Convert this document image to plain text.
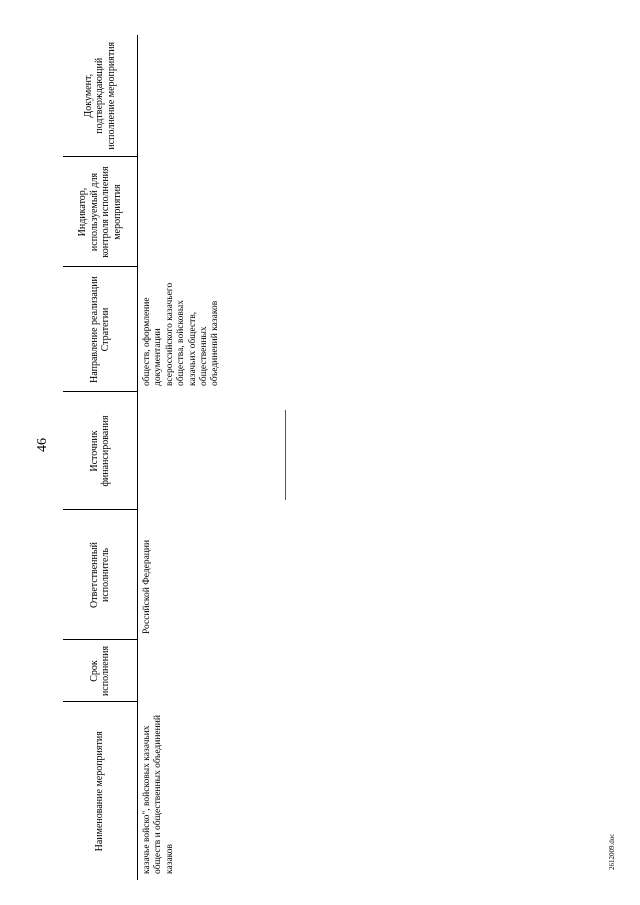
46
Наименование мероприятия	Срок исполнения	Ответственный исполнитель	Источник финансирования	Направление реализации Стратегии	Индикатор, используемый для контроля исполнения мероприятия	Документ, подтверждающий исполнение мероприятия
казачье войско", войсковых казачьих обществ и общественных объединений казаков		Российской Федерации		обществ, оформление документации всероссийского казачьего общества, войсковых казачьих обществ, общественных объединений казаков		
2612009.doc
